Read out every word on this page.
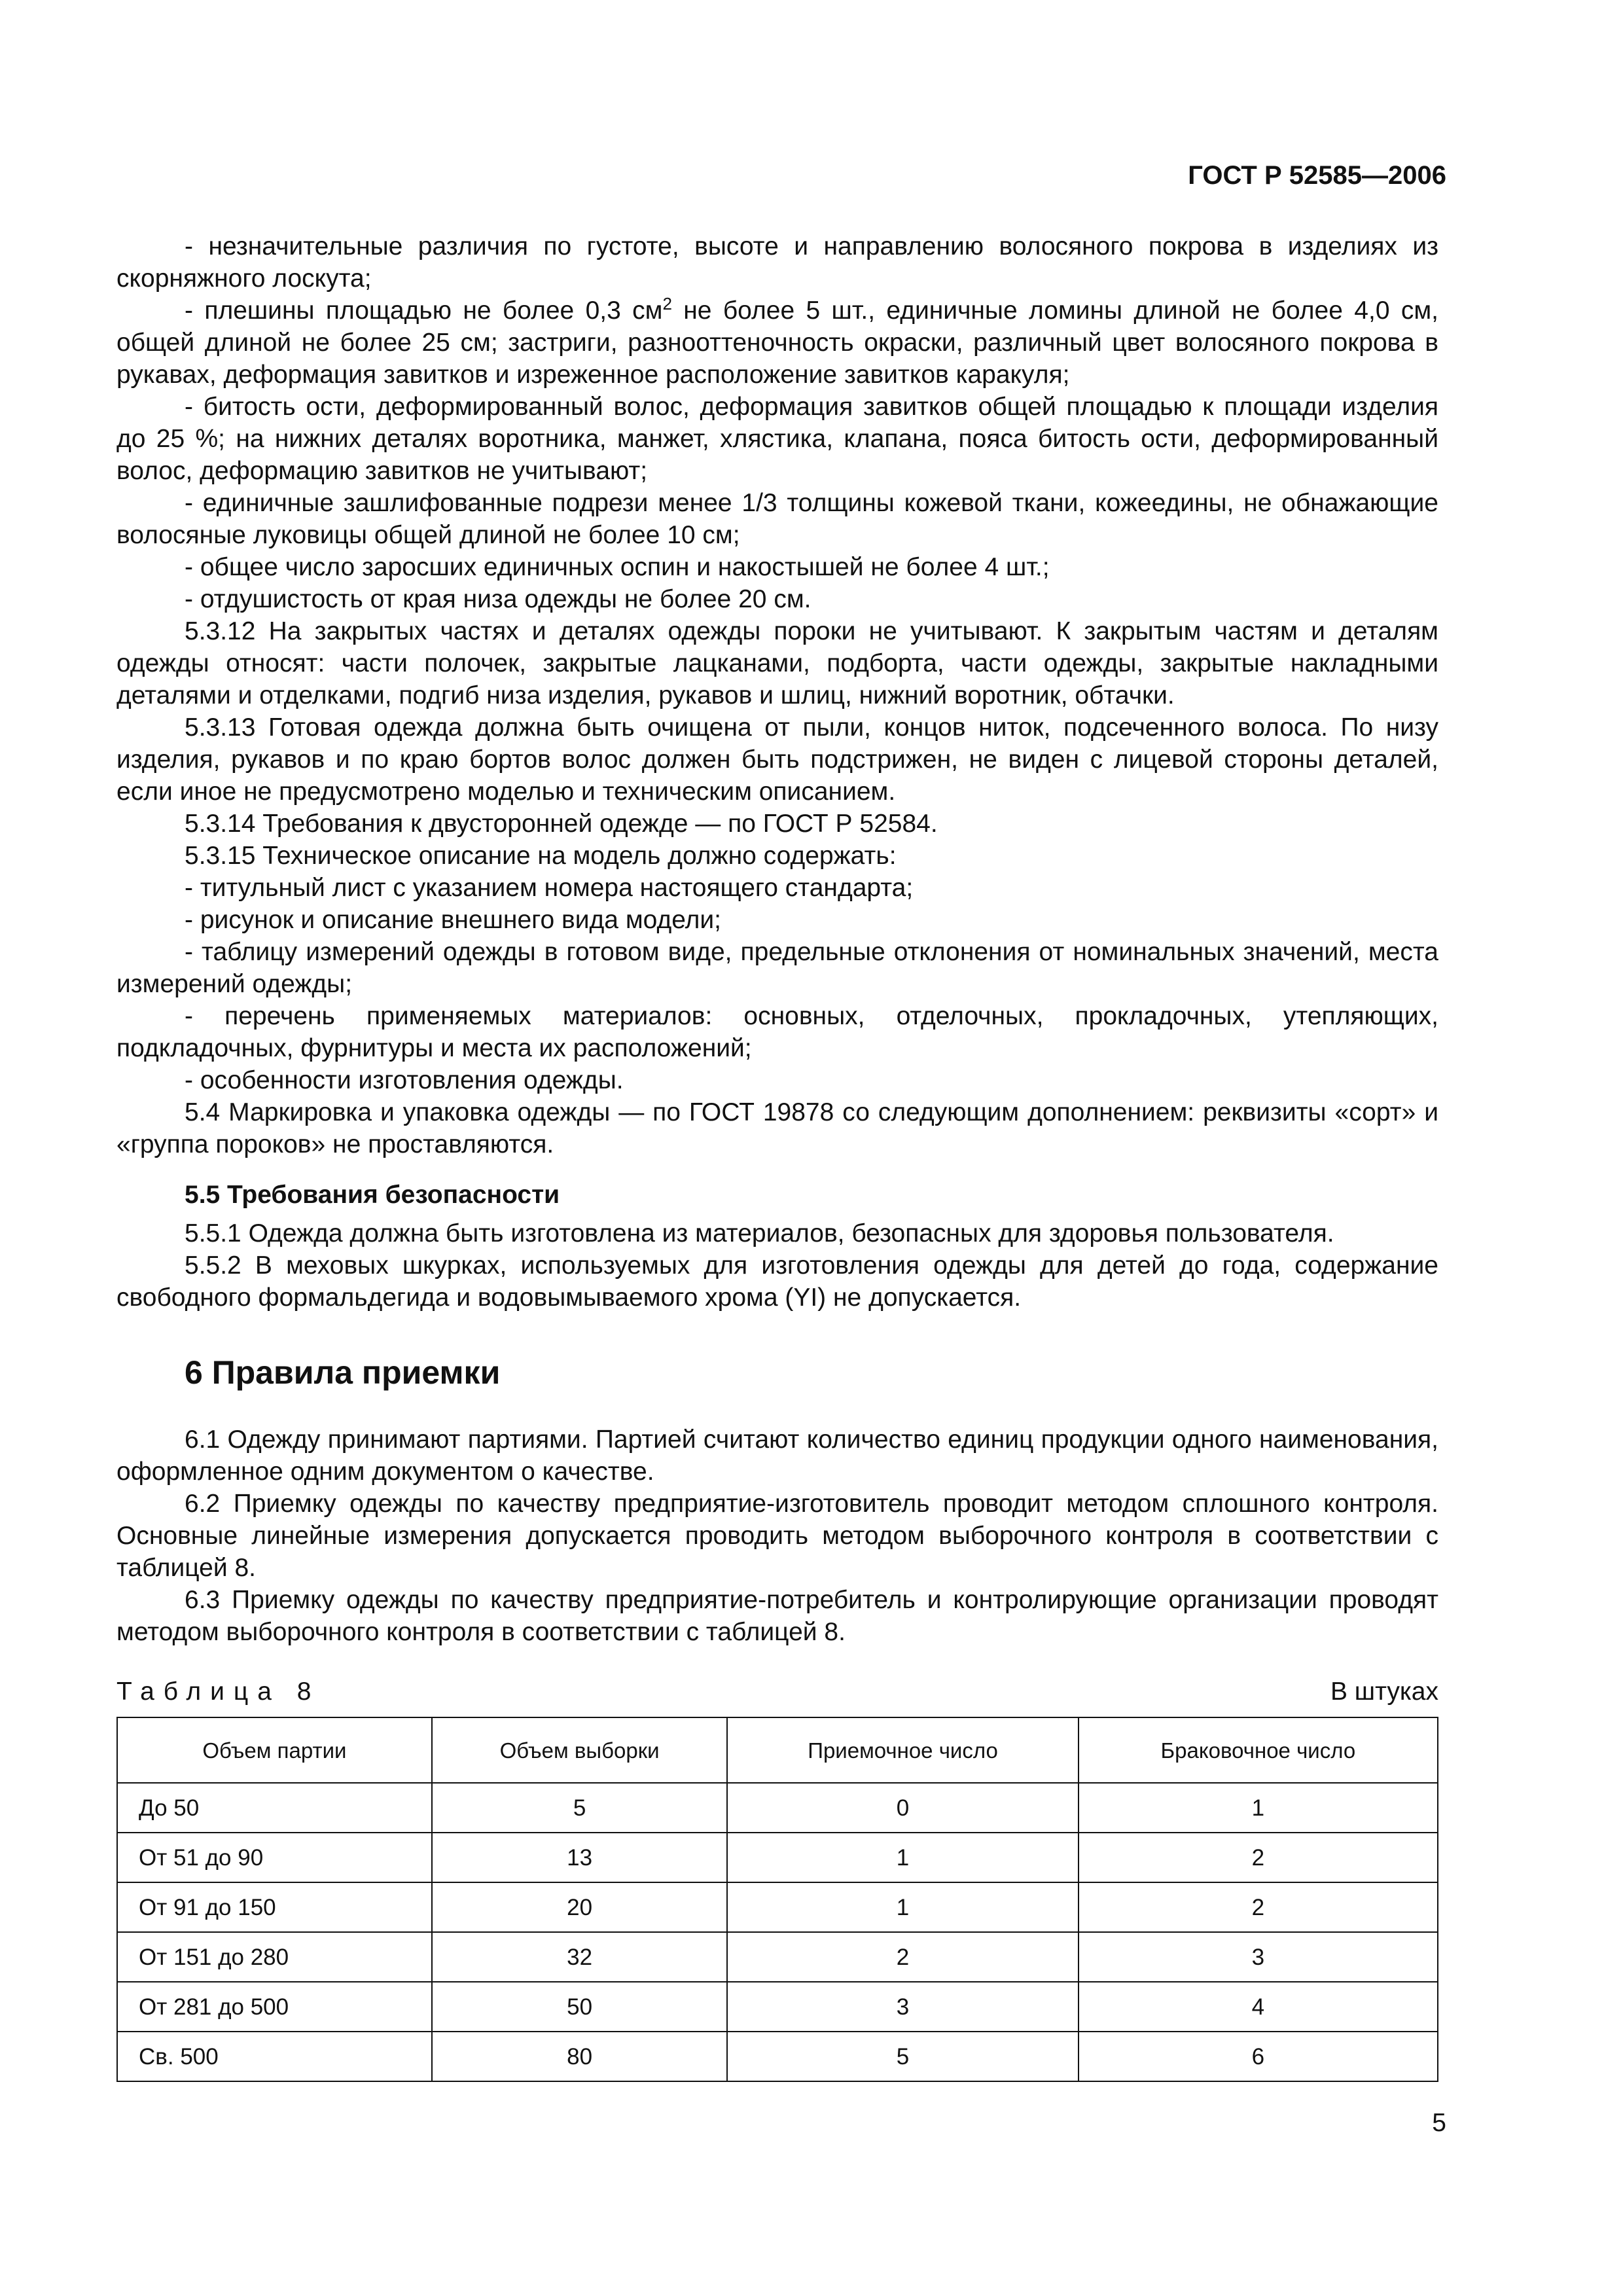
ГОСТ Р 52585—2006

- незначительные различия по густоте, высоте и направлению волосяного покрова в изделиях из скорняжного лоскута;

- плешины площадью не более 0,3 $см^2$ не более 5 шт., единичные ломины длиной не более 4,0 см, общей длиной не более 25 см; застриги, разнооттеночность окраски, различный цвет волосяного покрова в рукавах, деформация завитков и изреженное расположение завитков каракуля;

- битость ости, деформированный волос, деформация завитков общей площадью к площади изделия до 25 %; на нижних деталях воротника, манжет, хлястика, клапана, пояса битость ости, деформированный волос, деформацию завитков не учитывают;

- единичные зашлифованные подрези менее 1/3 толщины кожевой ткани, кожеедины, не обнажающие волосяные луковицы общей длиной не более 10 см;

- общее число заросших единичных оспин и накостышей не более 4 шт.;

- отдушистость от края низа одежды не более 20 см.

5.3.12 На закрытых частях и деталях одежды пороки не учитывают. К закрытым частям и деталям одежды относят: части полочек, закрытые лацканами, подборта, части одежды, закрытые накладными деталями и отделками, подгиб низа изделия, рукавов и шлиц, нижний воротник, обтачки.

5.3.13 Готовая одежда должна быть очищена от пыли, концов ниток, подсеченного волоса. По низу изделия, рукавов и по краю бортов волос должен быть подстрижен, не виден с лицевой стороны деталей, если иное не предусмотрено моделью и техническим описанием.

5.3.14 Требования к двусторонней одежде — по ГОСТ Р 52584.

5.3.15 Техническое описание на модель должно содержать:

- титульный лист с указанием номера настоящего стандарта;

- рисунок и описание внешнего вида модели;

- таблицу измерений одежды в готовом виде, предельные отклонения от номинальных значений, места измерений одежды;

- перечень применяемых материалов: основных, отделочных, прокладочных, утепляющих, подкладочных, фурнитуры и места их расположений;

- особенности изготовления одежды.

5.4 Маркировка и упаковка одежды — по ГОСТ 19878 со следующим дополнением: реквизиты «сорт» и «группа пороков» не проставляются.

5.5 Требования безопасности

5.5.1 Одежда должна быть изготовлена из материалов, безопасных для здоровья пользователя.

5.5.2 В меховых шкурках, используемых для изготовления одежды для детей до года, содержание свободного формальдегида и водовымываемого хрома (YI) не допускается.

6 Правила приемки

6.1 Одежду принимают партиями. Партией считают количество единиц продукции одного наименования, оформленное одним документом о качестве.

6.2 Приемку одежды по качеству предприятие-изготовитель проводит методом сплошного контроля. Основные линейные измерения допускается проводить методом выборочного контроля в соответствии с таблицей 8.

6.3 Приемку одежды по качеству предприятие-потребитель и контролирующие организации проводят методом выборочного контроля в соответствии с таблицей 8.

Таблица 8	В штуках
Объем партии	Объем выборки	Приемочное число	Браковочное число
До 50	5	0	1
От 51 до 90	13	1	2
От 91 до 150	20	1	2
От 151 до 280	32	2	3
От 281 до 500	50	3	4
Св. 500	80	5	6
5
